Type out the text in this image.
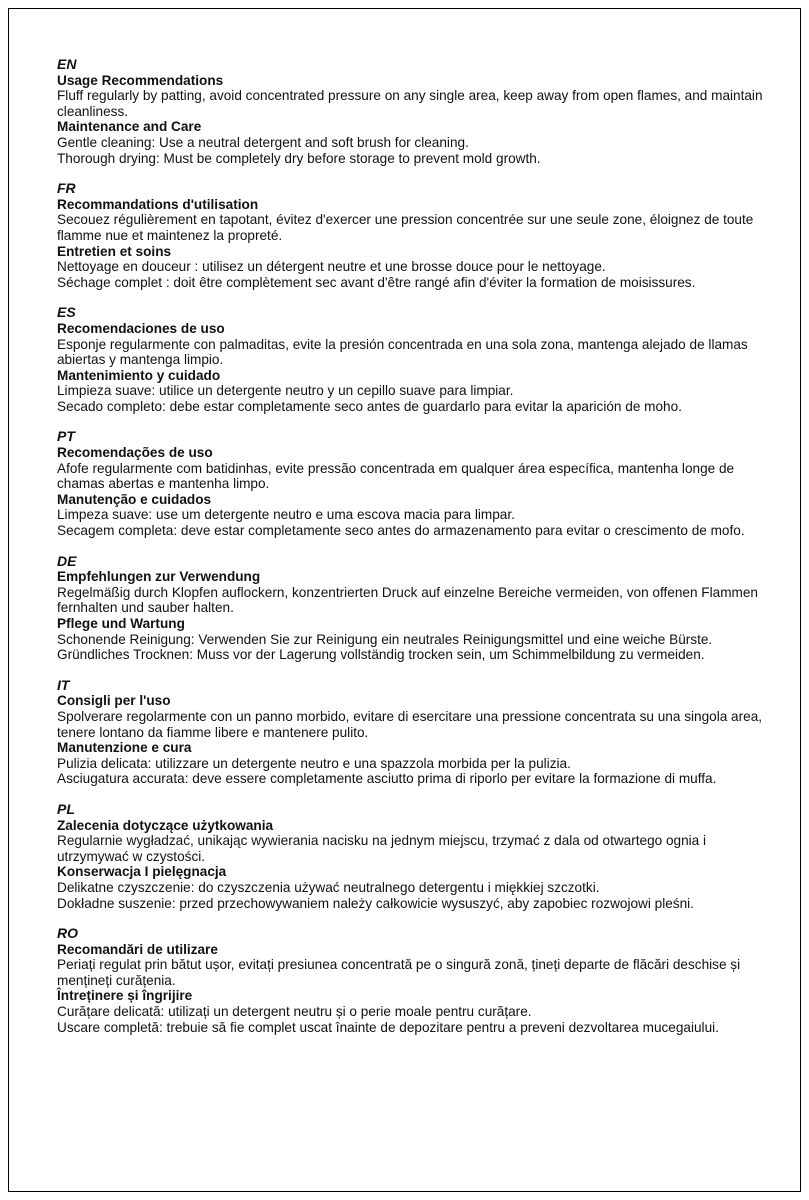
EN
Usage Recommendations
Fluff regularly by patting, avoid concentrated pressure on any single area, keep away from open flames, and maintain cleanliness.
Maintenance and Care
Gentle cleaning: Use a neutral detergent and soft brush for cleaning.
Thorough drying: Must be completely dry before storage to prevent mold growth.
FR
Recommandations d'utilisation
Secouez régulièrement en tapotant, évitez d'exercer une pression concentrée sur une seule zone, éloignez de toute flamme nue et maintenez la propreté.
Entretien et soins
Nettoyage en douceur : utilisez un détergent neutre et une brosse douce pour le nettoyage.
Séchage complet : doit être complètement sec avant d'être rangé afin d'éviter la formation de moisissures.
ES
Recomendaciones de uso
Esponje regularmente con palmaditas, evite la presión concentrada en una sola zona, mantenga alejado de llamas abiertas y mantenga limpio.
Mantenimiento y cuidado
Limpieza suave: utilice un detergente neutro y un cepillo suave para limpiar.
Secado completo: debe estar completamente seco antes de guardarlo para evitar la aparición de moho.
PT
Recomendações de uso
Afofe regularmente com batidinhas, evite pressão concentrada em qualquer área específica, mantenha longe de chamas abertas e mantenha limpo.
Manutenção e cuidados
Limpeza suave: use um detergente neutro e uma escova macia para limpar.
Secagem completa: deve estar completamente seco antes do armazenamento para evitar o crescimento de mofo.
DE
Empfehlungen zur Verwendung
Regelmäßig durch Klopfen auflockern, konzentrierten Druck auf einzelne Bereiche vermeiden, von offenen Flammen fernhalten und sauber halten.
Pflege und Wartung
Schonende Reinigung: Verwenden Sie zur Reinigung ein neutrales Reinigungsmittel und eine weiche Bürste.
Gründliches Trocknen: Muss vor der Lagerung vollständig trocken sein, um Schimmelbildung zu vermeiden.
IT
Consigli per l'uso
Spolverare regolarmente con un panno morbido, evitare di esercitare una pressione concentrata su una singola area, tenere lontano da fiamme libere e mantenere pulito.
Manutenzione e cura
Pulizia delicata: utilizzare un detergente neutro e una spazzola morbida per la pulizia.
Asciugatura accurata: deve essere completamente asciutto prima di riporlo per evitare la formazione di muffa.
PL
Zalecenia dotyczące użytkowania
Regularnie wygładzać, unikając wywierania nacisku na jednym miejscu, trzymać z dala od otwartego ognia i utrzymywać w czystości.
Konserwacja I pielęgnacja
Delikatne czyszczenie: do czyszczenia używać neutralnego detergentu i miękkiej szczotki.
Dokładne suszenie: przed przechowywaniem należy całkowicie wysuszyć, aby zapobiec rozwojowi pleśni.
RO
Recomandări de utilizare
Periați regulat prin bătut ușor, evitați presiunea concentrată pe o singură zonă, țineți departe de flăcări deschise și mențineți curățenia.
Întreținere și îngrijire
Curățare delicată: utilizați un detergent neutru și o perie moale pentru curățare.
Uscare completă: trebuie să fie complet uscat înainte de depozitare pentru a preveni dezvoltarea mucegaiului.
